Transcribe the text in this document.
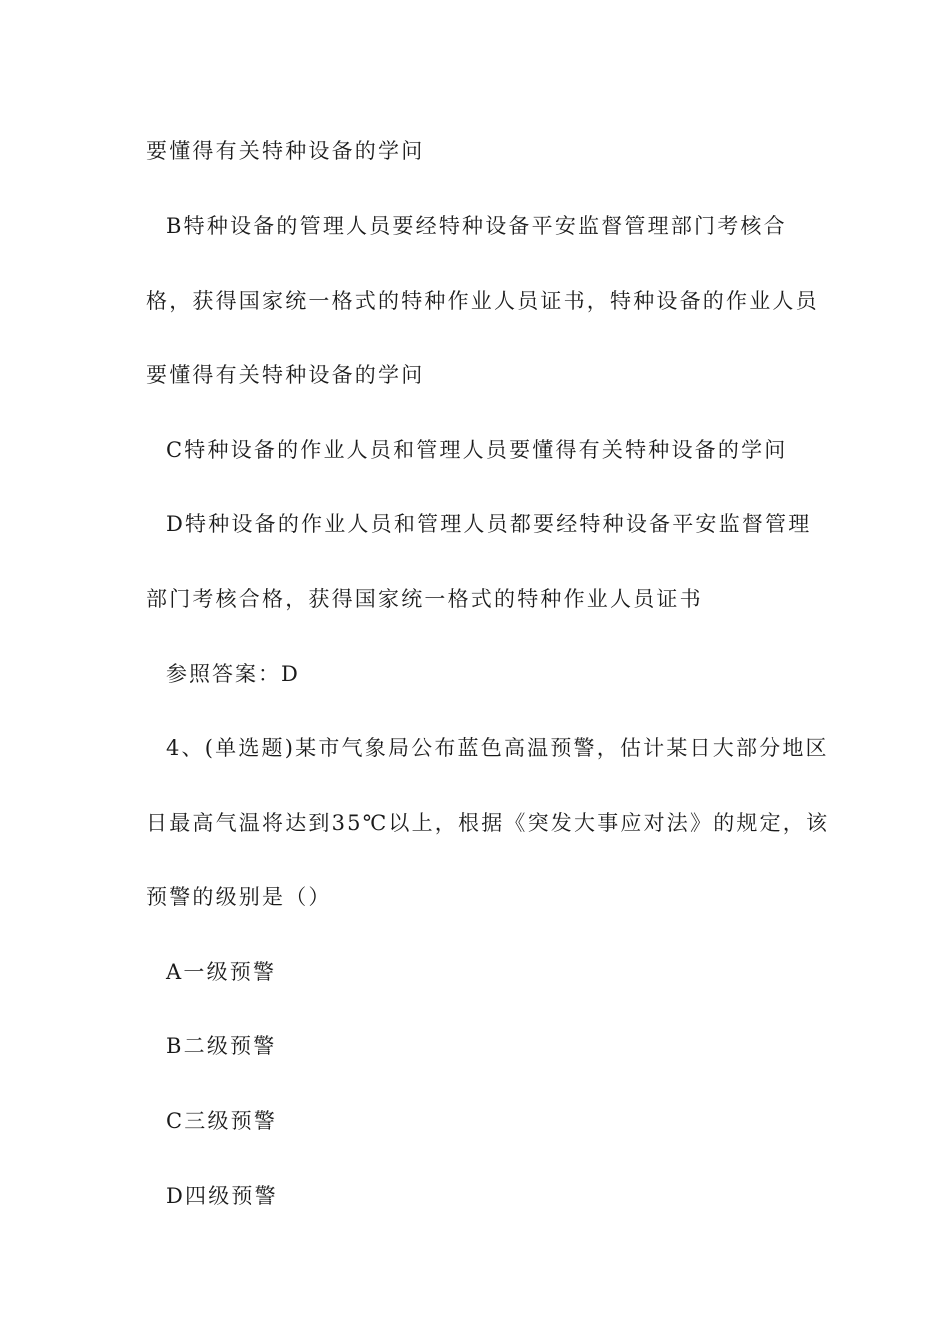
要懂得有关特种设备的学问
B特种设备的管理人员要经特种设备平安监督管理部门考核合
格，获得国家统一格式的特种作业人员证书，特种设备的作业人员
要懂得有关特种设备的学问
C特种设备的作业人员和管理人员要懂得有关特种设备的学问
D特种设备的作业人员和管理人员都要经特种设备平安监督管理
部门考核合格，获得国家统一格式的特种作业人员证书
参照答案：D
4、(单选题)某市气象局公布蓝色高温预警，估计某日大部分地区
日最高气温将达到35℃以上，根据《突发大事应对法》的规定，该
预警的级别是（）
A一级预警
B二级预警
C三级预警
D四级预警
